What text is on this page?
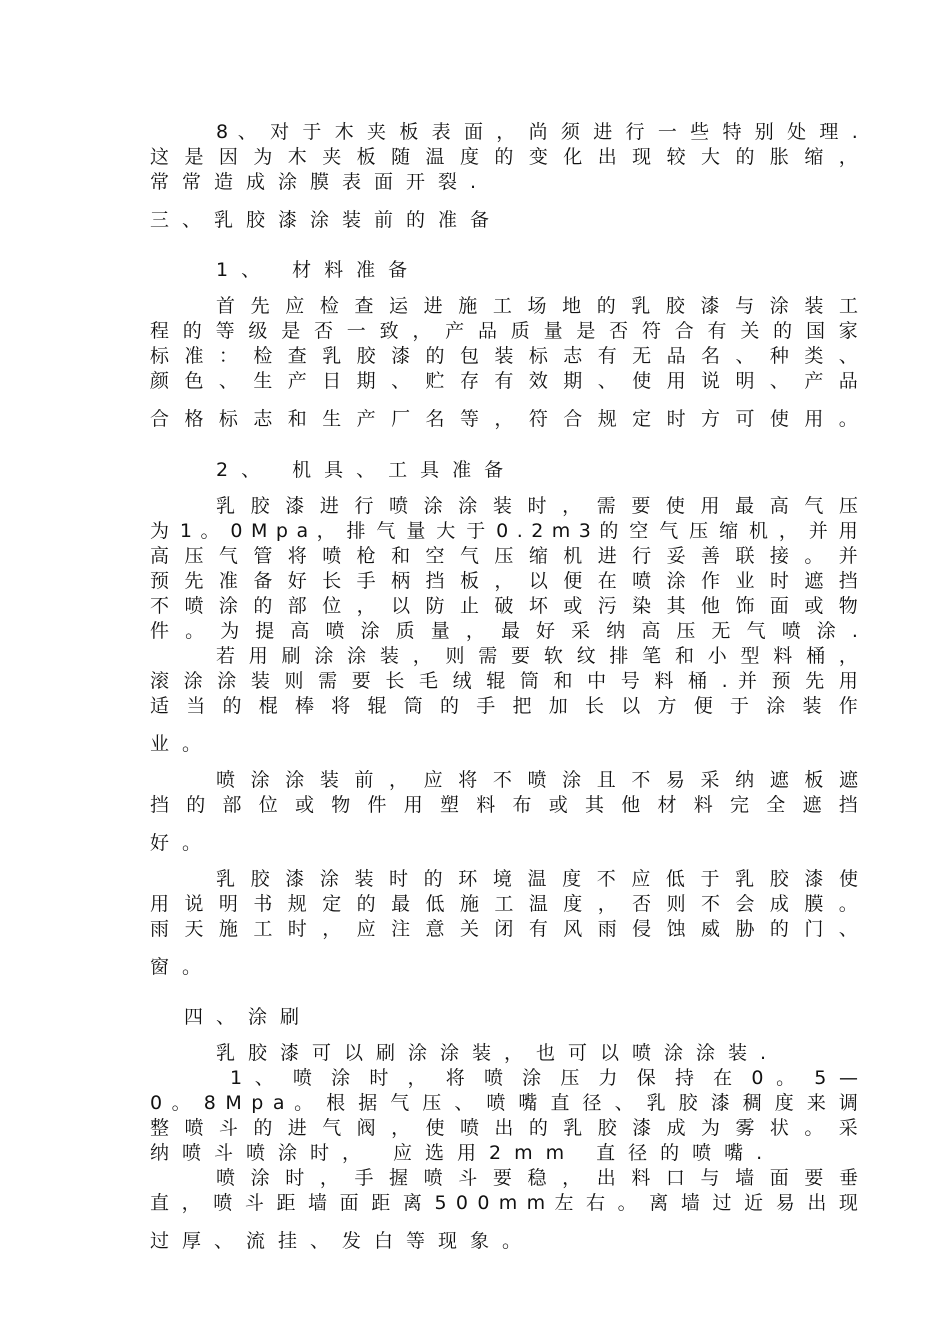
8 、 对 于 木 夹 板 表 面 ， 尚 须 进 行 一 些 特 别 处 理 .
这 是 因 为 木 夹 板 随 温 度 的 变 化 出 现 较 大 的 胀 缩 ，
常常造成涂膜表面开裂.
三、乳胶漆涂装前的准备
1、 材料准备
首 先 应 检 查 运 进 施 工 场 地 的 乳 胶 漆 与 涂 装 工
程 的 等 级 是 否 一 致 ， 产 品 质 量 是 否 符 合 有 关 的 国 家
标 准 ： 检 查 乳 胶 漆 的 包 装 标 志 有 无 品 名 、 种 类 、
颜 色 、 生 产 日 期 、 贮 存 有 效 期 、 使 用 说 明 、 产 品
合 格 标 志 和 生 产 厂 名 等 ， 符 合 规 定 时 方 可 使 用 。
2、 机具、工具准备
乳 胶 漆 进 行 喷 涂 涂 装 时 ， 需 要 使 用 最 高 气 压
为 1 。 0 M p a ， 排 气 量 大 于 0 . 2 m 3 的 空 气 压 缩 机 ， 并 用
高 压 气 管 将 喷 枪 和 空 气 压 缩 机 进 行 妥 善 联 接 。 并
预 先 准 备 好 长 手 柄 挡 板 ， 以 便 在 喷 涂 作 业 时 遮 挡
不 喷 涂 的 部 位 ， 以 防 止 破 坏 或 污 染 其 他 饰 面 或 物
件 。 为 提 高 喷 涂 质 量 ， 最 好 采 纳 高 压 无 气 喷 涂 .
若 用 刷 涂 涂 装 ， 则 需 要 软 纹 排 笔 和 小 型 料 桶 ，
滚 涂 涂 装 则 需 要 长 毛 绒 辊 筒 和 中 号 料 桶 . 并 预 先 用
适 当 的 棍 棒 将 辊 筒 的 手 把 加 长 以 方 便 于 涂 装 作
业。
喷 涂 涂 装 前 ， 应 将 不 喷 涂 且 不 易 采 纳 遮 板 遮
挡 的 部 位 或 物 件 用 塑 料 布 或 其 他 材 料 完 全 遮 挡
好。
乳 胶 漆 涂 装 时 的 环 境 温 度 不 应 低 于 乳 胶 漆 使
用 说 明 书 规 定 的 最 低 施 工 温 度 ， 否 则 不 会 成 膜 。
雨 天 施 工 时 ， 应 注 意 关 闭 有 风 雨 侵 蚀 威 胁 的 门 、
窗。
四、涂刷
乳胶漆可以刷涂涂装，也可以喷涂涂装.
1 、 喷 涂 时 ， 将 喷 涂 压 力 保 持 在 0 。 5 —
0 。 8 M p a 。 根 据 气 压 、 喷 嘴 直 径 、 乳 胶 漆 稠 度 来 调
整 喷 斗 的 进 气 阀 ， 使 喷 出 的 乳 胶 漆 成 为 雾 状 。 采
纳喷斗喷涂时， 应选用2mm 直径的喷嘴.
喷 涂 时 ， 手 握 喷 斗 要 稳 ， 出 料 口 与 墙 面 要 垂
直 ， 喷 斗 距 墙 面 距 离 5 0 0 m m 左 右 。 离 墙 过 近 易 出 现
过厚、流挂、发白等现象。
